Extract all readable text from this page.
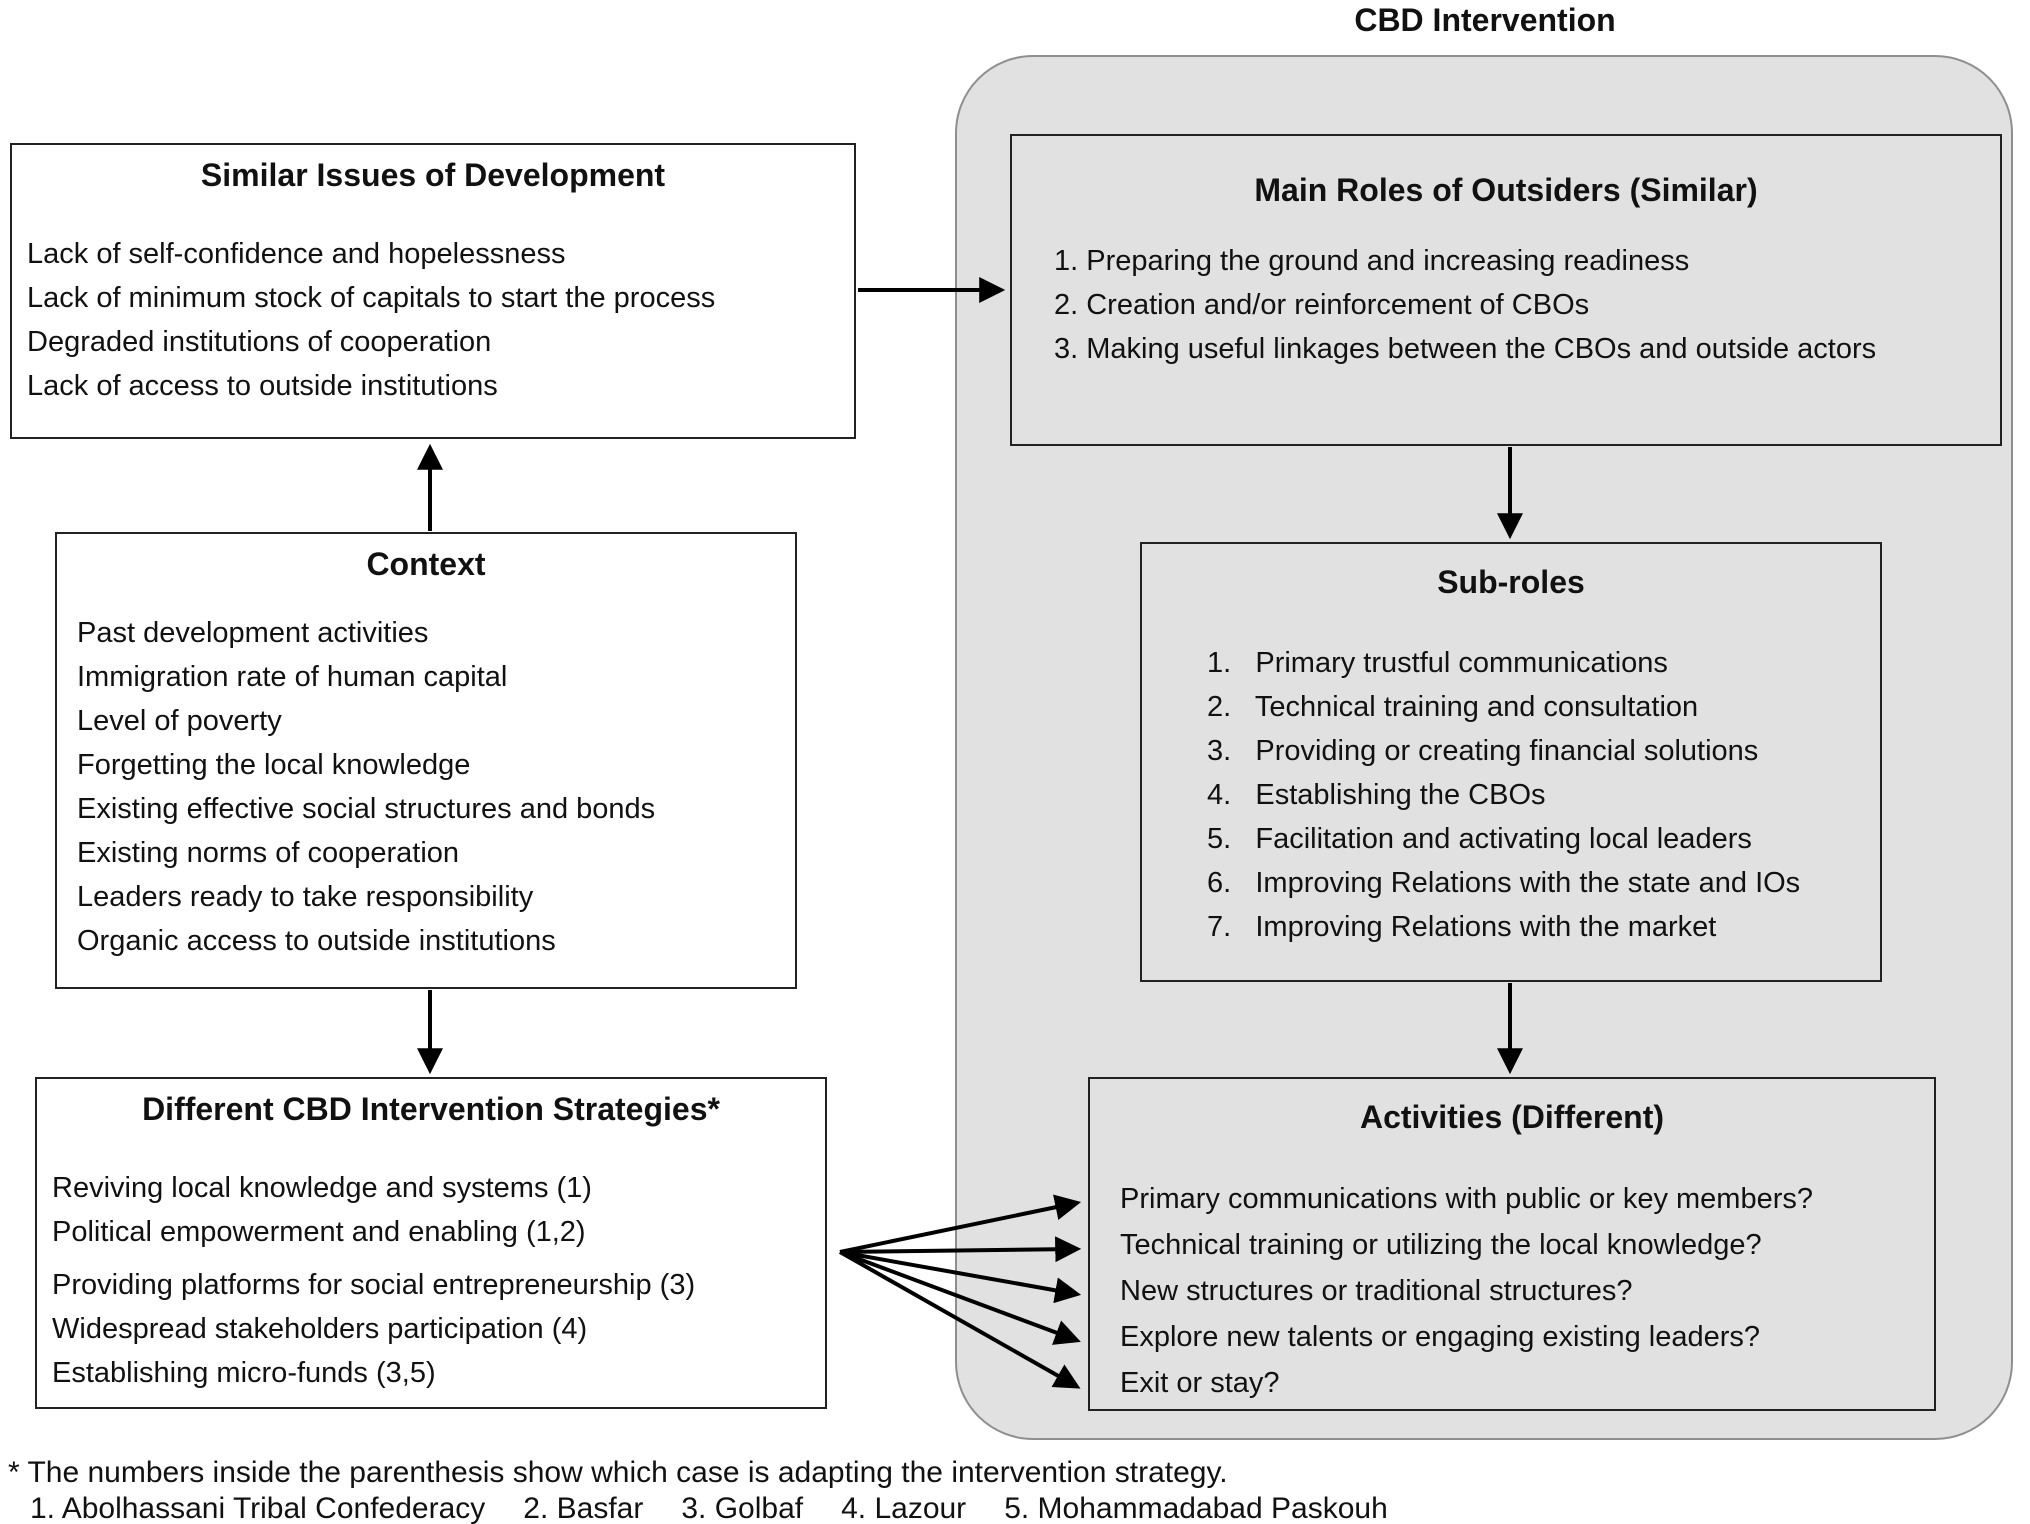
CBD Intervention
Similar Issues of Development
Lack of self-confidence and hopelessness
Lack of minimum stock of capitals to start the process
Degraded institutions of cooperation
Lack of access to outside institutions
Context
Past development activities
Immigration rate of human capital
Level of poverty
Forgetting the local knowledge
Existing effective social structures and bonds
Existing norms of cooperation
Leaders ready to take responsibility
Organic access to outside institutions
Different CBD Intervention Strategies*
Reviving local knowledge and systems (1)
Political empowerment and enabling (1,2)
Providing platforms for social entrepreneurship (3)
Widespread stakeholders participation (4)
Establishing micro-funds (3,5)
Main Roles of Outsiders (Similar)
1. Preparing the ground and increasing readiness
2. Creation and/or reinforcement of CBOs
3. Making useful linkages between the CBOs and outside actors
Sub-roles
1.   Primary trustful communications
2.   Technical training and consultation
3.   Providing or creating financial solutions
4.   Establishing the CBOs
5.   Facilitation and activating local leaders
6.   Improving Relations with the state and IOs
7.   Improving Relations with the market
Activities (Different)
Primary communications with public or key members?
Technical training or utilizing the local knowledge?
New structures or traditional structures?
Explore new talents or engaging existing leaders?
Exit or stay?
* The numbers inside the parenthesis show which case is adapting the intervention strategy.
1. Abolhassani Tribal Confederacy 2. Basfar 3. Golbaf 4. Lazour 5. Mohammadabad Paskouh
